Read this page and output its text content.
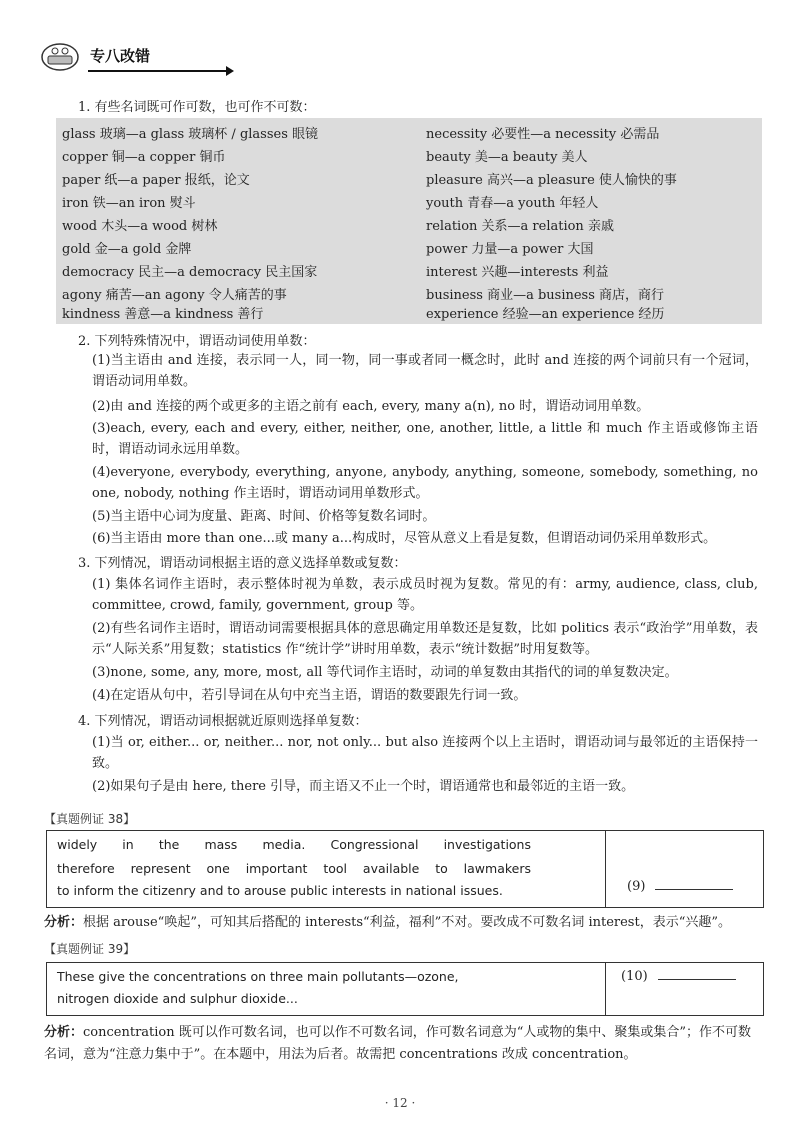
专八改错
1. 有些名词既可作可数，也可作不可数：
glass 玻璃—a glass 玻璃杯 / glasses 眼镜
copper 铜—a copper 铜币
paper 纸—a paper 报纸，论文
iron 铁—an iron 熨斗
wood 木头—a wood 树林
gold 金—a gold 金牌
democracy 民主—a democracy 民主国家
agony 痛苦—an agony 令人痛苦的事
kindness 善意—a kindness 善行
necessity 必要性—a necessity 必需品
beauty 美—a beauty 美人
pleasure 高兴—a pleasure 使人愉快的事
youth 青春—a youth 年轻人
relation 关系—a relation 亲戚
power 力量—a power 大国
interest 兴趣—interests 利益
business 商业—a business 商店，商行
experience 经验—an experience 经历
2. 下列特殊情况中，谓语动词使用单数：
(1)当主语由 and 连接，表示同一人，同一物，同一事或者同一概念时，此时 and 连接的两个词前只有一个冠词，谓语动词用单数。
(2)由 and 连接的两个或更多的主语之前有 each, every, many a(n), no 时，谓语动词用单数。
(3)each, every, each and every, either, neither, one, another, little, a little 和 much 作主语或修饰主语时，谓语动词永远用单数。
(4)everyone, everybody, everything, anyone, anybody, anything, someone, somebody, something, no one, nobody, nothing 作主语时，谓语动词用单数形式。
(5)当主语中心词为度量、距离、时间、价格等复数名词时。
(6)当主语由 more than one...或 many a...构成时，尽管从意义上看是复数，但谓语动词仍采用单数形式。
3. 下列情况，谓语动词根据主语的意义选择单数或复数：
(1) 集体名词作主语时，表示整体时视为单数，表示成员时视为复数。常见的有：army, audience, class, club, committee, crowd, family, government, group 等。
(2)有些名词作主语时，谓语动词需要根据具体的意思确定用单数还是复数，比如 politics 表示“政治学”用单数，表示“人际关系”用复数；statistics 作“统计学”讲时用单数，表示“统计数据”时用复数等。
(3)none, some, any, more, most, all 等代词作主语时，动词的单复数由其指代的词的单复数决定。
(4)在定语从句中，若引导词在从句中充当主语，谓语的数要跟先行词一致。
4. 下列情况，谓语动词根据就近原则选择单复数：
(1)当 or, either... or, neither... nor, not only... but also 连接两个以上主语时，谓语动词与最邻近的主语保持一致。
(2)如果句子是由 here, there 引导，而主语又不止一个时，谓语通常也和最邻近的主语一致。
【真题例证 38】
widely in the mass media. Congressional investigations
therefore represent one important tool available to lawmakers
to inform the citizenry and to arouse public interests in national issues.	(9)
分析：根据 arouse“唤起”，可知其后搭配的 interests“利益，福利”不对。要改成不可数名词 interest，表示“兴趣”。
【真题例证 39】
These give the concentrations on three main pollutants—ozone,
nitrogen dioxide and sulphur dioxide...
(10)
分析：concentration 既可以作可数名词，也可以作不可数名词，作可数名词意为“人或物的集中、聚集或集合”；作不可数名词，意为“注意力集中于”。在本题中，用法为后者。故需把 concentrations 改成 concentration。
· 12 ·
